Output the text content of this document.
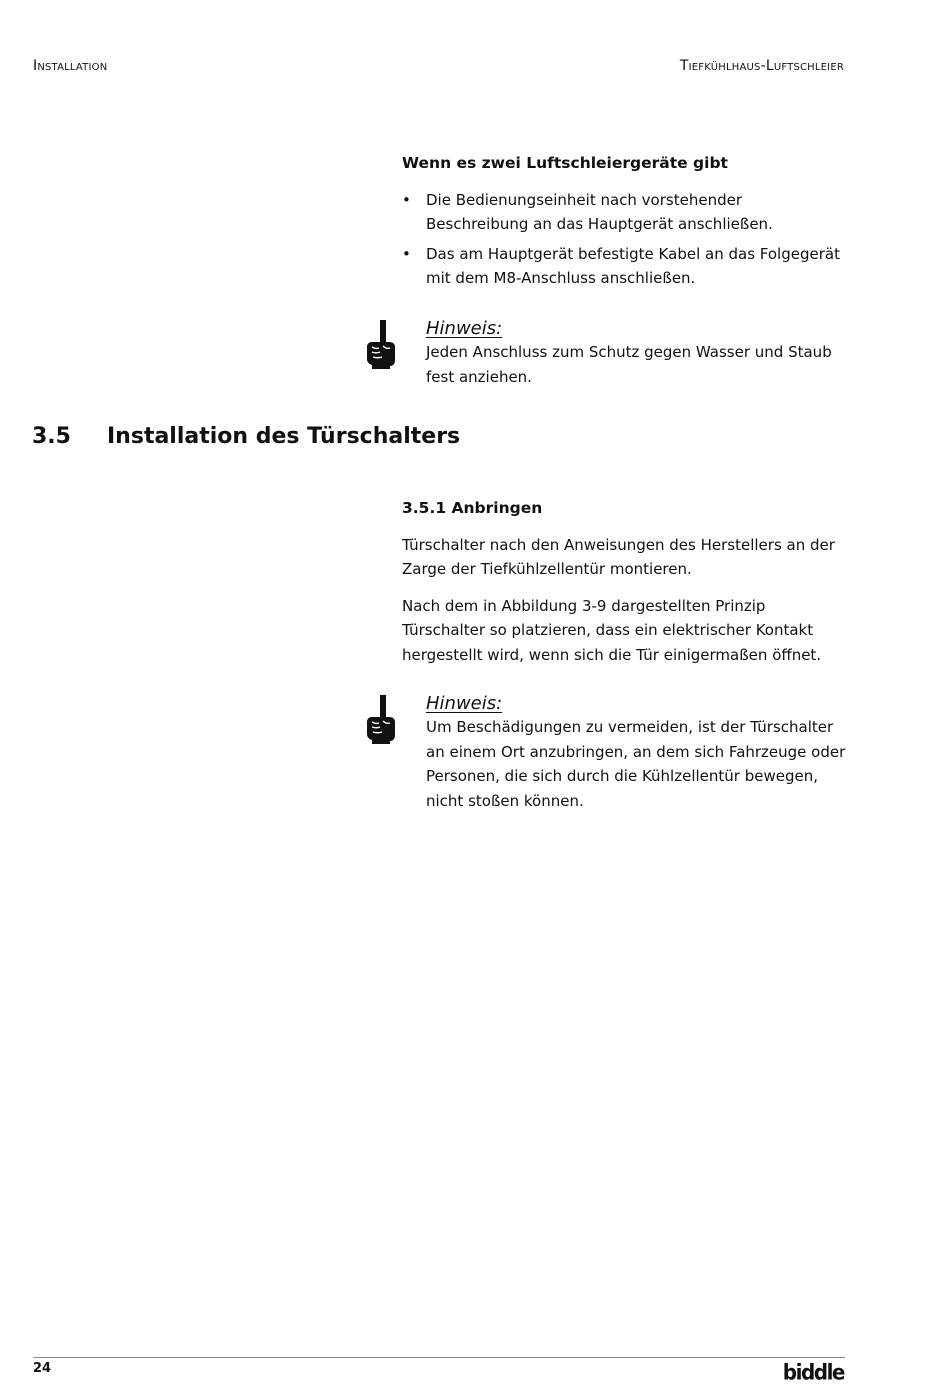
Installation	Tiefkühlhaus-Luftschleier

Wenn es zwei Luftschleiergeräte gibt

• Die Bedienungseinheit nach vorstehender Beschreibung an das Hauptgerät anschließen.
• Das am Hauptgerät befestigte Kabel an das Folgegerät mit dem M8-Anschluss anschließen.
Hinweis:
Jeden Anschluss zum Schutz gegen Wasser und Staub fest anziehen.
3.5 Installation des Türschalters

3.5.1 Anbringen

Türschalter nach den Anweisungen des Herstellers an der Zarge der Tiefkühlzellentür montieren.

Nach dem in Abbildung 3-9 dargestellten Prinzip Türschalter so platzieren, dass ein elektrischer Kontakt hergestellt wird, wenn sich die Tür einigermaßen öffnet.

Hinweis:
Um Beschädigungen zu vermeiden, ist der Türschalter an einem Ort anzubringen, an dem sich Fahrzeuge oder Personen, die sich durch die Kühlzellentür bewegen, nicht stoßen können.
24	biddle
